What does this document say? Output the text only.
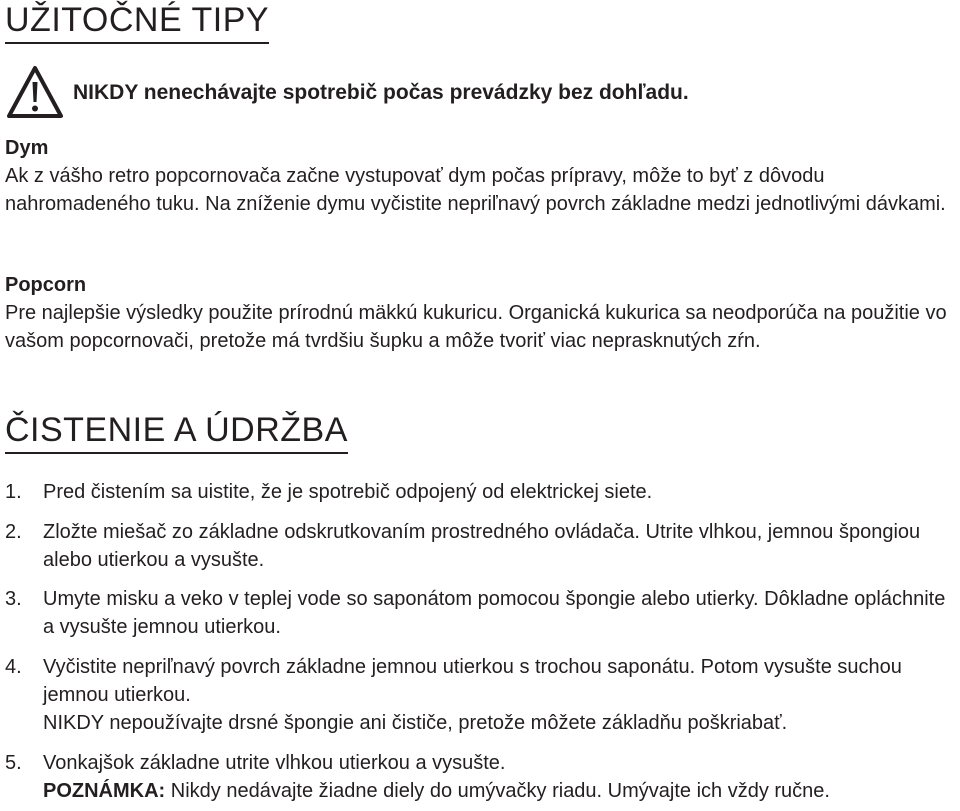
UŽITOČNÉ TIPY
NIKDY nenechávajte spotrebič počas prevádzky bez dohľadu.
Dym
Ak z vášho retro popcornovača začne vystupovať dym počas prípravy, môže to byť z dôvodu nahromadeného tuku. Na zníženie dymu vyčistite nepriľnavý povrch základne medzi jednotlivými dávkami.
Popcorn
Pre najlepšie výsledky použite prírodnú mäkkú kukuricu. Organická kukurica sa neodporúča na použitie vo vašom popcornovači, pretože má tvrdšiu šupku a môže tvoriť viac neprasknutých zŕn.
ČISTENIE A ÚDRŽBA
1. Pred čistením sa uistite, že je spotrebič odpojený od elektrickej siete.
2. Zložte miešač zo základne odskrutkovaním prostredného ovládača. Utrite vlhkou, jemnou špongiou alebo utierkou a vysušte.
3. Umyte misku a veko v teplej vode so saponátom pomocou špongie alebo utierky. Dôkladne opláchnite a vysušte jemnou utierkou.
4. Vyčistite nepriľnavý povrch základne jemnou utierkou s trochou saponátu. Potom vysušte suchou jemnou utierkou.
NIKDY nepoužívajte drsné špongie ani čističe, pretože môžete základňu poškriabať.
5. Vonkajšok základne utrite vlhkou utierkou a vysušte.
POZNÁMKA: Nikdy nedávajte žiadne diely do umývačky riadu. Umývajte ich vždy ručne.
